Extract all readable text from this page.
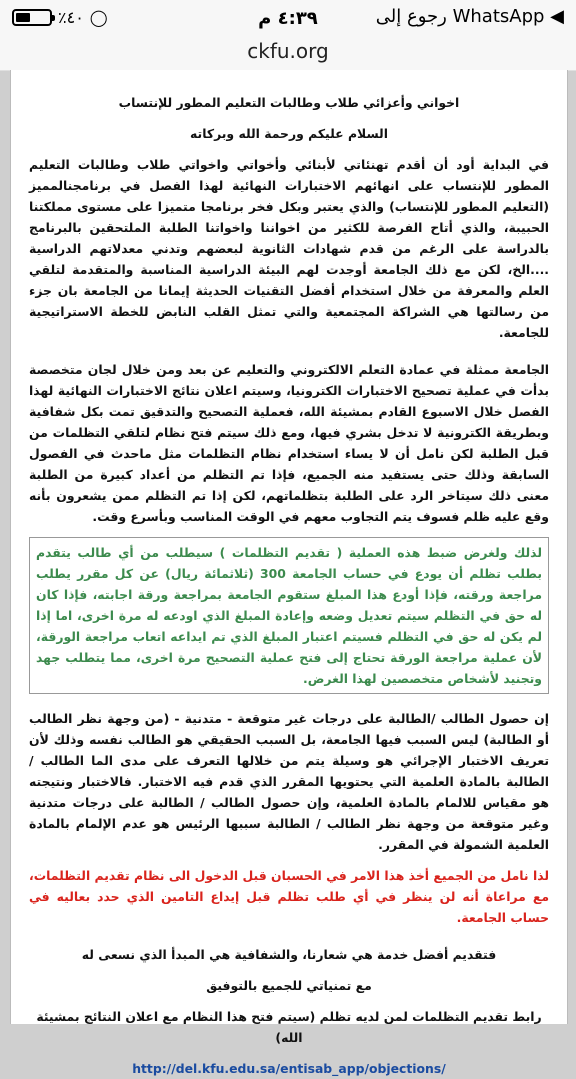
٪٤٠ ◯	٤:٣٩ م	رجوع إلى WhatsApp ◀
ckfu.org

اخواني وأعزائي طلاب وطالبات التعليم المطور للإنتساب

السلام عليكم ورحمة الله وبركاته

في البداية أود أن أقدم تهنئاتي لأبنائي وأخواتي واخواتي طلاب وطالبات التعليم المطور للإنتساب على انهائهم الاختبارات النهائية لهذا الفصل في برنامجنالمميز (التعليم المطور للإنتساب) والذي يعتبر وبكل فخر برنامجا متميزا على مستوى مملكتنا الحبيبة، والذي أتاح الفرصة للكثير من اخواننا واخواتنا الطلبة الملتحقين بالبرنامج بالدراسة على الرغم من قدم شهادات الثانوية لبعضهم وتدني معدلاتهم الدراسية ....الخ، لكن مع ذلك الجامعة أوجدت لهم البيئة الدراسية المناسبة والمتقدمة لتلقي العلم والمعرفة من خلال استخدام أفضل التقنيات الحديثة إيمانا من الجامعة بان جزء من رسالتها هي الشراكة المجتمعية والتي تمثل القلب النابض للخطة الاستراتيجية للجامعة.

الجامعة ممثلة في عمادة التعلم الالكتروني والتعليم عن بعد ومن خلال لجان متخصصة بدأت في عملية تصحيح الاختبارات الكترونيا، وسيتم اعلان نتائج الاختبارات النهائية لهذا الفصل خلال الاسبوع القادم بمشيئة الله، فعملية التصحيح والتدقيق تمت بكل شفافية وبطريقة الكترونية لا تدخل بشري فيها، ومع ذلك سيتم فتح نظام لتلقي التظلمات من قبل الطلبة لكن نامل أن لا يساء استخدام نظام التظلمات مثل ماحدث في الفصول السابقة وذلك حتى يستفيد منه الجميع، فإذا تم التظلم من أعداد كبيرة من الطلبة معنى ذلك سيتاخر الرد على الطلبة بتظلماتهم، لكن إذا تم التظلم ممن يشعرون بأنه وقع عليه ظلم فسوف يتم التجاوب معهم في الوقت المناسب وبأسرع وقت.

لذلك ولغرض ضبط هذه العملية ( تقديم التظلمات ) سيطلب من أي طالب يتقدم بطلب تظلم أن يودع في حساب الجامعة 300 (ثلاثمائة ريال) عن كل مقرر يطلب مراجعة ورقته، فإذا أودع هذا المبلغ ستقوم الجامعة بمراجعة ورقة اجابته، فإذا كان له حق في التظلم سيتم تعديل وضعه وإعادة المبلغ الذي اودعه له مرة اخرى، اما إذا لم يكن له حق في التظلم فسيتم اعتبار المبلغ الذي تم ايداعه اتعاب مراجعة الورقة، لأن عملية مراجعة الورقة تحتاج إلى فتح عملية التصحيح مرة اخرى، مما يتطلب جهد وتجنيد لأشخاص متخصصين لهذا الغرض.

إن حصول الطالب /الطالبة على درجات غير متوقعة - متدنية - (من وجهة نظر الطالب أو الطالبة) ليس السبب فيها الجامعة، بل السبب الحقيقي هو الطالب نفسه وذلك لأن تعريف الاختبار الإجرائي هو وسيلة يتم من خلالها التعرف على مدى الما الطالب / الطالبة بالمادة العلمية التي يحتويها المقرر الذي قدم فيه الاختبار. فالاختبار ونتيجته هو مقياس للالمام بالمادة العلمية، وإن حصول الطالب / الطالبة على درجات متدنية وغير متوقعة من وجهة نظر الطالب / الطالبة سببها الرئيس هو عدم الإلمام بالمادة العلمية الشمولة في المقرر.

لذا نامل من الجميع أخذ هذا الامر في الحسبان قبل الدخول الى نظام تقديم التظلمات، مع مراعاة أنه لن ينظر في أي طلب تظلم قبل إيداع التامين الذي حدد بعاليه في حساب الجامعة.

فتقديم أفضل خدمة هي شعارنا، والشفافية هي المبدأ الذي نسعى له

مع تمنياتي للجميع بالتوفيق

رابط تقديم التظلمات لمن لديه تظلم (سيتم فتح هذا النظام مع اعلان النتائج بمشيئة الله)

http://del.kfu.edu.sa/entisab_app/objections/
